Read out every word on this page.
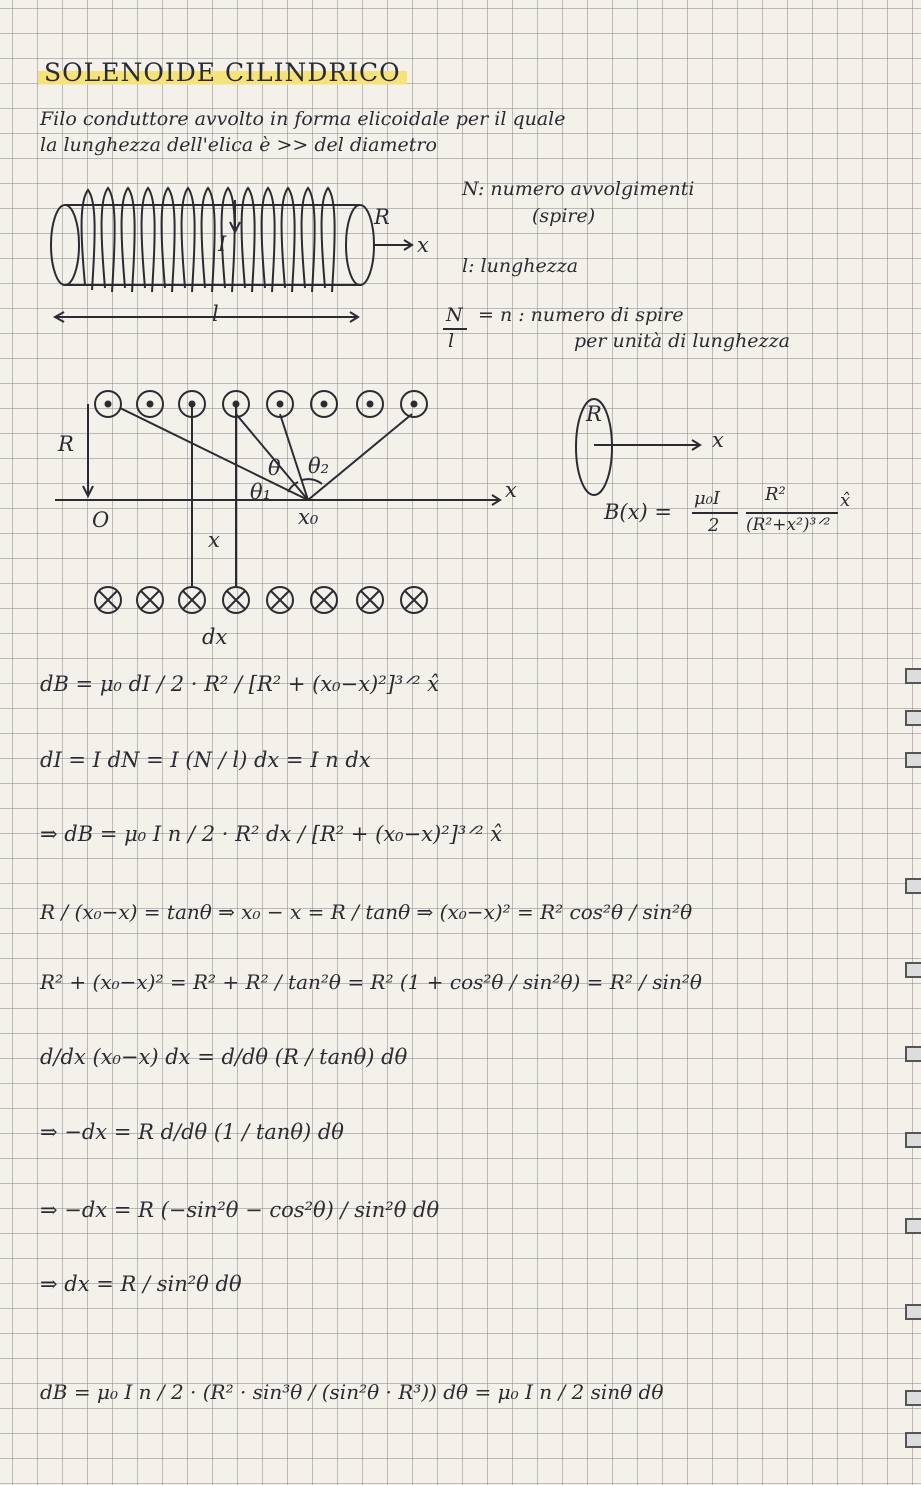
SOLENOIDE CILINDRICO
Filo conduttore avvolto in forma elicoidale per il quale
la lunghezza dell'elica è >> del diametro
I
R
x
l
N: numero avvolgimenti
(spire)
l: lunghezza
N
l
= n : numero di spire
per unità di lunghezza
R
O
x
x
x₀
θ
θ₁
θ₂
dx
R
x
B(x) =
μ₀I
2
R²
(R²+x²)³ᐟ²
x̂
dB = μ₀ dI / 2 · R² / [R² + (x₀−x)²]³ᐟ² x̂
dI = I dN = I (N / l) dx = I n dx
⇒ dB = μ₀ I n / 2 · R² dx / [R² + (x₀−x)²]³ᐟ² x̂
R / (x₀−x) = tanθ ⇒ x₀ − x = R / tanθ ⇒ (x₀−x)² = R² cos²θ / sin²θ
R² + (x₀−x)² = R² + R² / tan²θ = R² (1 + cos²θ / sin²θ) = R² / sin²θ
d/dx (x₀−x) dx = d/dθ (R / tanθ) dθ
⇒ −dx = R d/dθ (1 / tanθ) dθ
⇒ −dx = R (−sin²θ − cos²θ) / sin²θ dθ
⇒ dx = R / sin²θ dθ
dB = μ₀ I n / 2 · (R² · sin³θ / (sin²θ · R³)) dθ = μ₀ I n / 2 sinθ dθ
